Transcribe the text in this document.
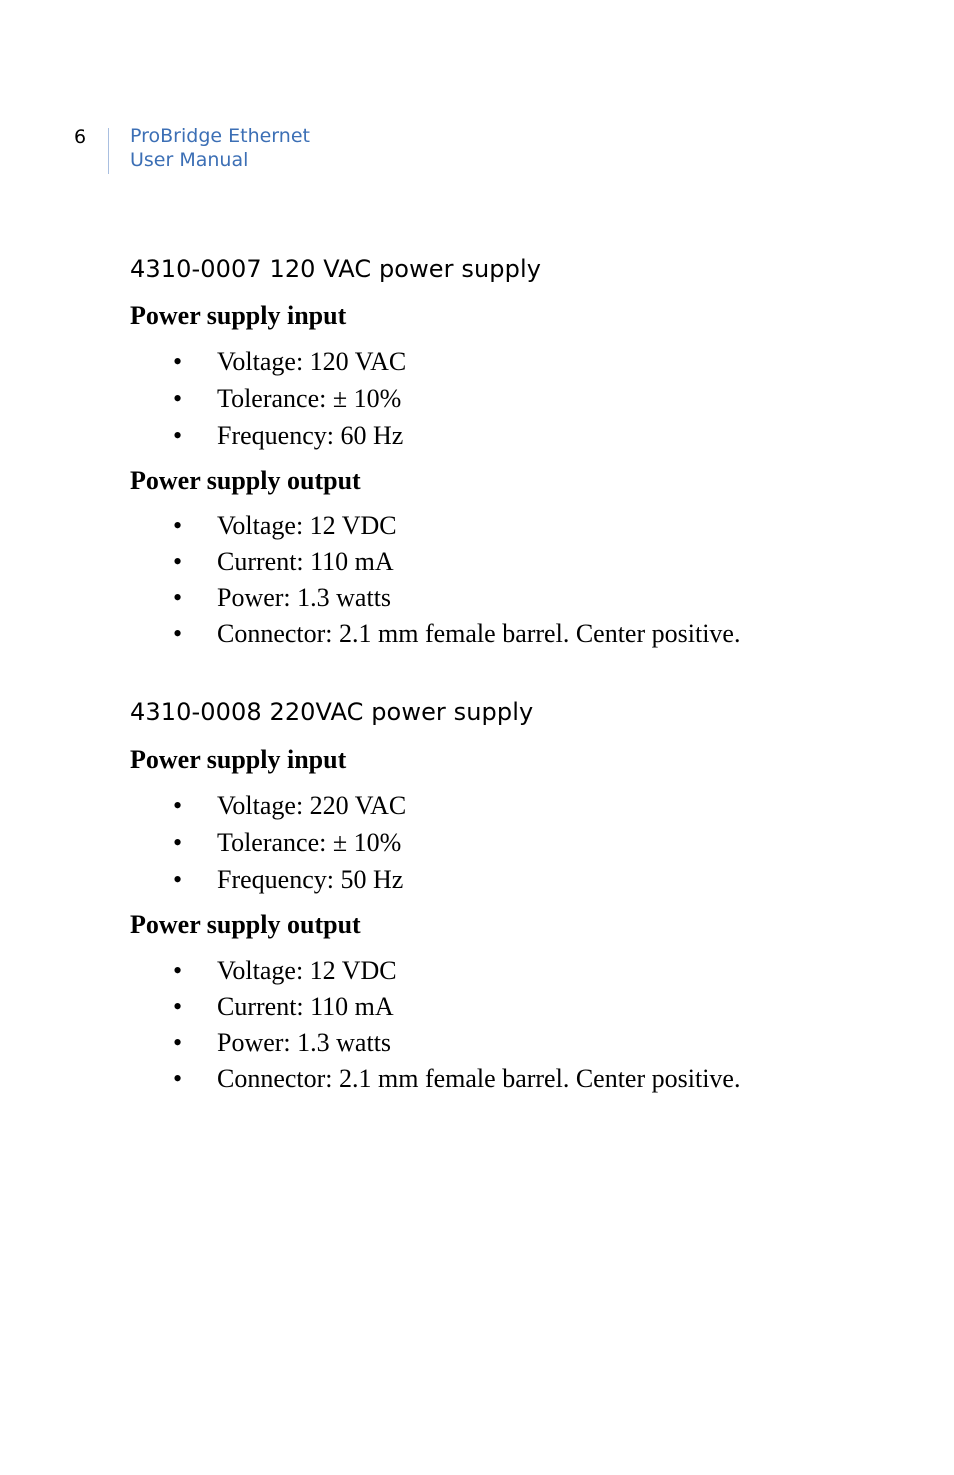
6 ProBridge Ethernet
User Manual
4310-0007 120 VAC power supply
Power supply input
• Voltage: 120 VAC
• Tolerance: ± 10%
• Frequency: 60 Hz
Power supply output
• Voltage: 12 VDC
• Current: 110 mA
• Power: 1.3 watts
• Connector: 2.1 mm female barrel. Center positive.
4310-0008 220VAC power supply
Power supply input
• Voltage: 220 VAC
• Tolerance: ± 10%
• Frequency: 50 Hz
Power supply output
• Voltage: 12 VDC
• Current: 110 mA
• Power: 1.3 watts
• Connector: 2.1 mm female barrel. Center positive.
